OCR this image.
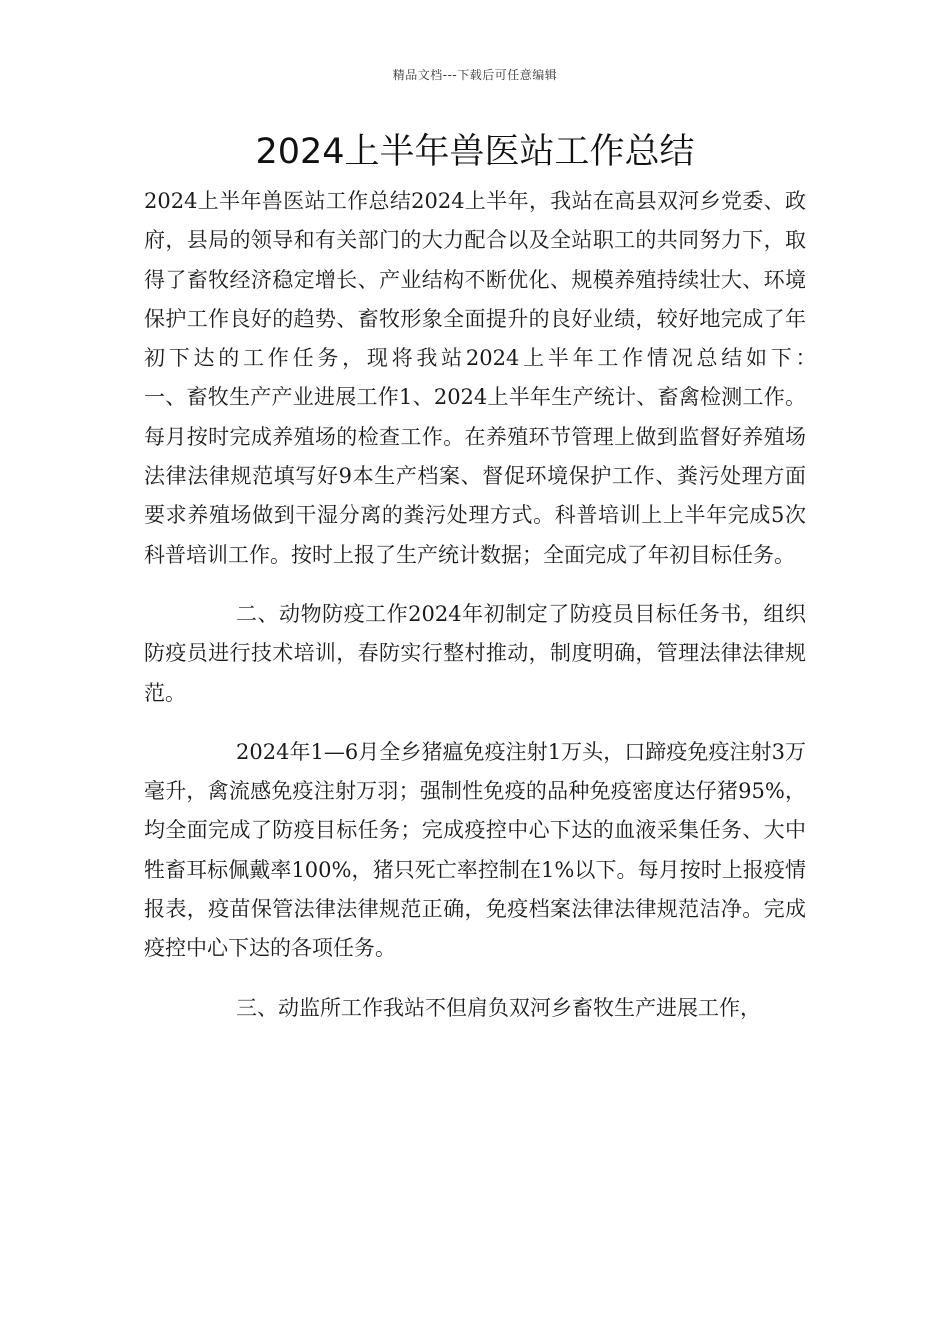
精品文档---下载后可任意编辑
2024上半年兽医站工作总结

2024上半年兽医站工作总结2024上半年，我站在高县双河乡党委、政府，县局的领导和有关部门的大力配合以及全站职工的共同努力下，取得了畜牧经济稳定增长、产业结构不断优化、规模养殖持续壮大、环境保护工作良好的趋势、畜牧形象全面提升的良好业绩，较好地完成了年初下达的工作任务，现将我站2024上半年工作情况总结如下：　　　一、畜牧生产产业进展工作1、2024上半年生产统计、畜禽检测工作。每月按时完成养殖场的检查工作。在养殖环节管理上做到监督好养殖场法律法律规范填写好9本生产档案、督促环境保护工作、粪污处理方面要求养殖场做到干湿分离的粪污处理方式。科普培训上上半年完成5次科普培训工作。按时上报了生产统计数据；全面完成了年初目标任务。

二、动物防疫工作2024年初制定了防疫员目标任务书，组织防疫员进行技术培训，春防实行整村推动，制度明确，管理法律法律规范。

2024年1—6月全乡猪瘟免疫注射1万头，口蹄疫免疫注射3万毫升，禽流感免疫注射万羽；强制性免疫的品种免疫密度达仔猪95%，均全面完成了防疫目标任务；完成疫控中心下达的血液采集任务、大中牲畜耳标佩戴率100%，猪只死亡率控制在1%以下。每月按时上报疫情报表，疫苗保管法律法律规范正确，免疫档案法律法律规范洁净。完成疫控中心下达的各项任务。

三、动监所工作我站不但肩负双河乡畜牧生产进展工作，
